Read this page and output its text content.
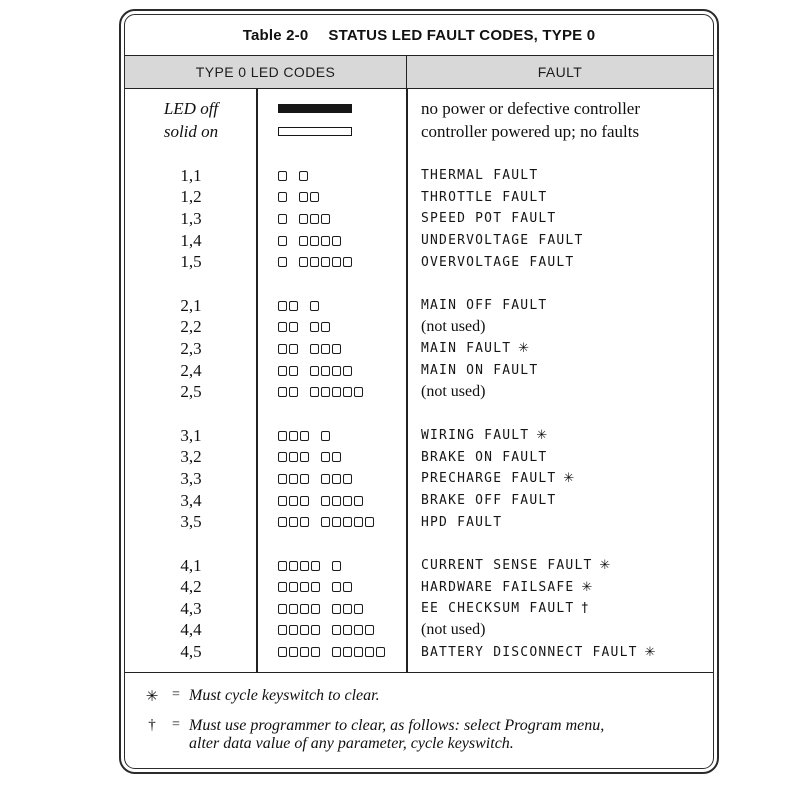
Table 2-0 STATUS LED FAULT CODES, TYPE 0
TYPE 0 LED CODES	FAULT
LED off	no power or defective controller
solid on	controller powered up; no faults
1,1	THERMAL FAULT
1,2	THROTTLE FAULT
1,3	SPEED POT FAULT
1,4	UNDERVOLTAGE FAULT
1,5	OVERVOLTAGE FAULT
2,1	MAIN OFF FAULT
2,2	(not used)
2,3	MAIN FAULT ✳
2,4	MAIN ON FAULT
2,5	(not used)
3,1	WIRING FAULT ✳
3,2	BRAKE ON FAULT
3,3	PRECHARGE FAULT ✳
3,4	BRAKE OFF FAULT
3,5	HPD FAULT
4,1	CURRENT SENSE FAULT ✳
4,2	HARDWARE FAILSAFE ✳
4,3	EE CHECKSUM FAULT †
4,4	(not used)
4,5	BATTERY DISCONNECT FAULT ✳
✳ = Must cycle keyswitch to clear.
†	= Must use programmer to clear, as follows: select Program menu,
alter data value of any parameter, cycle keyswitch.
